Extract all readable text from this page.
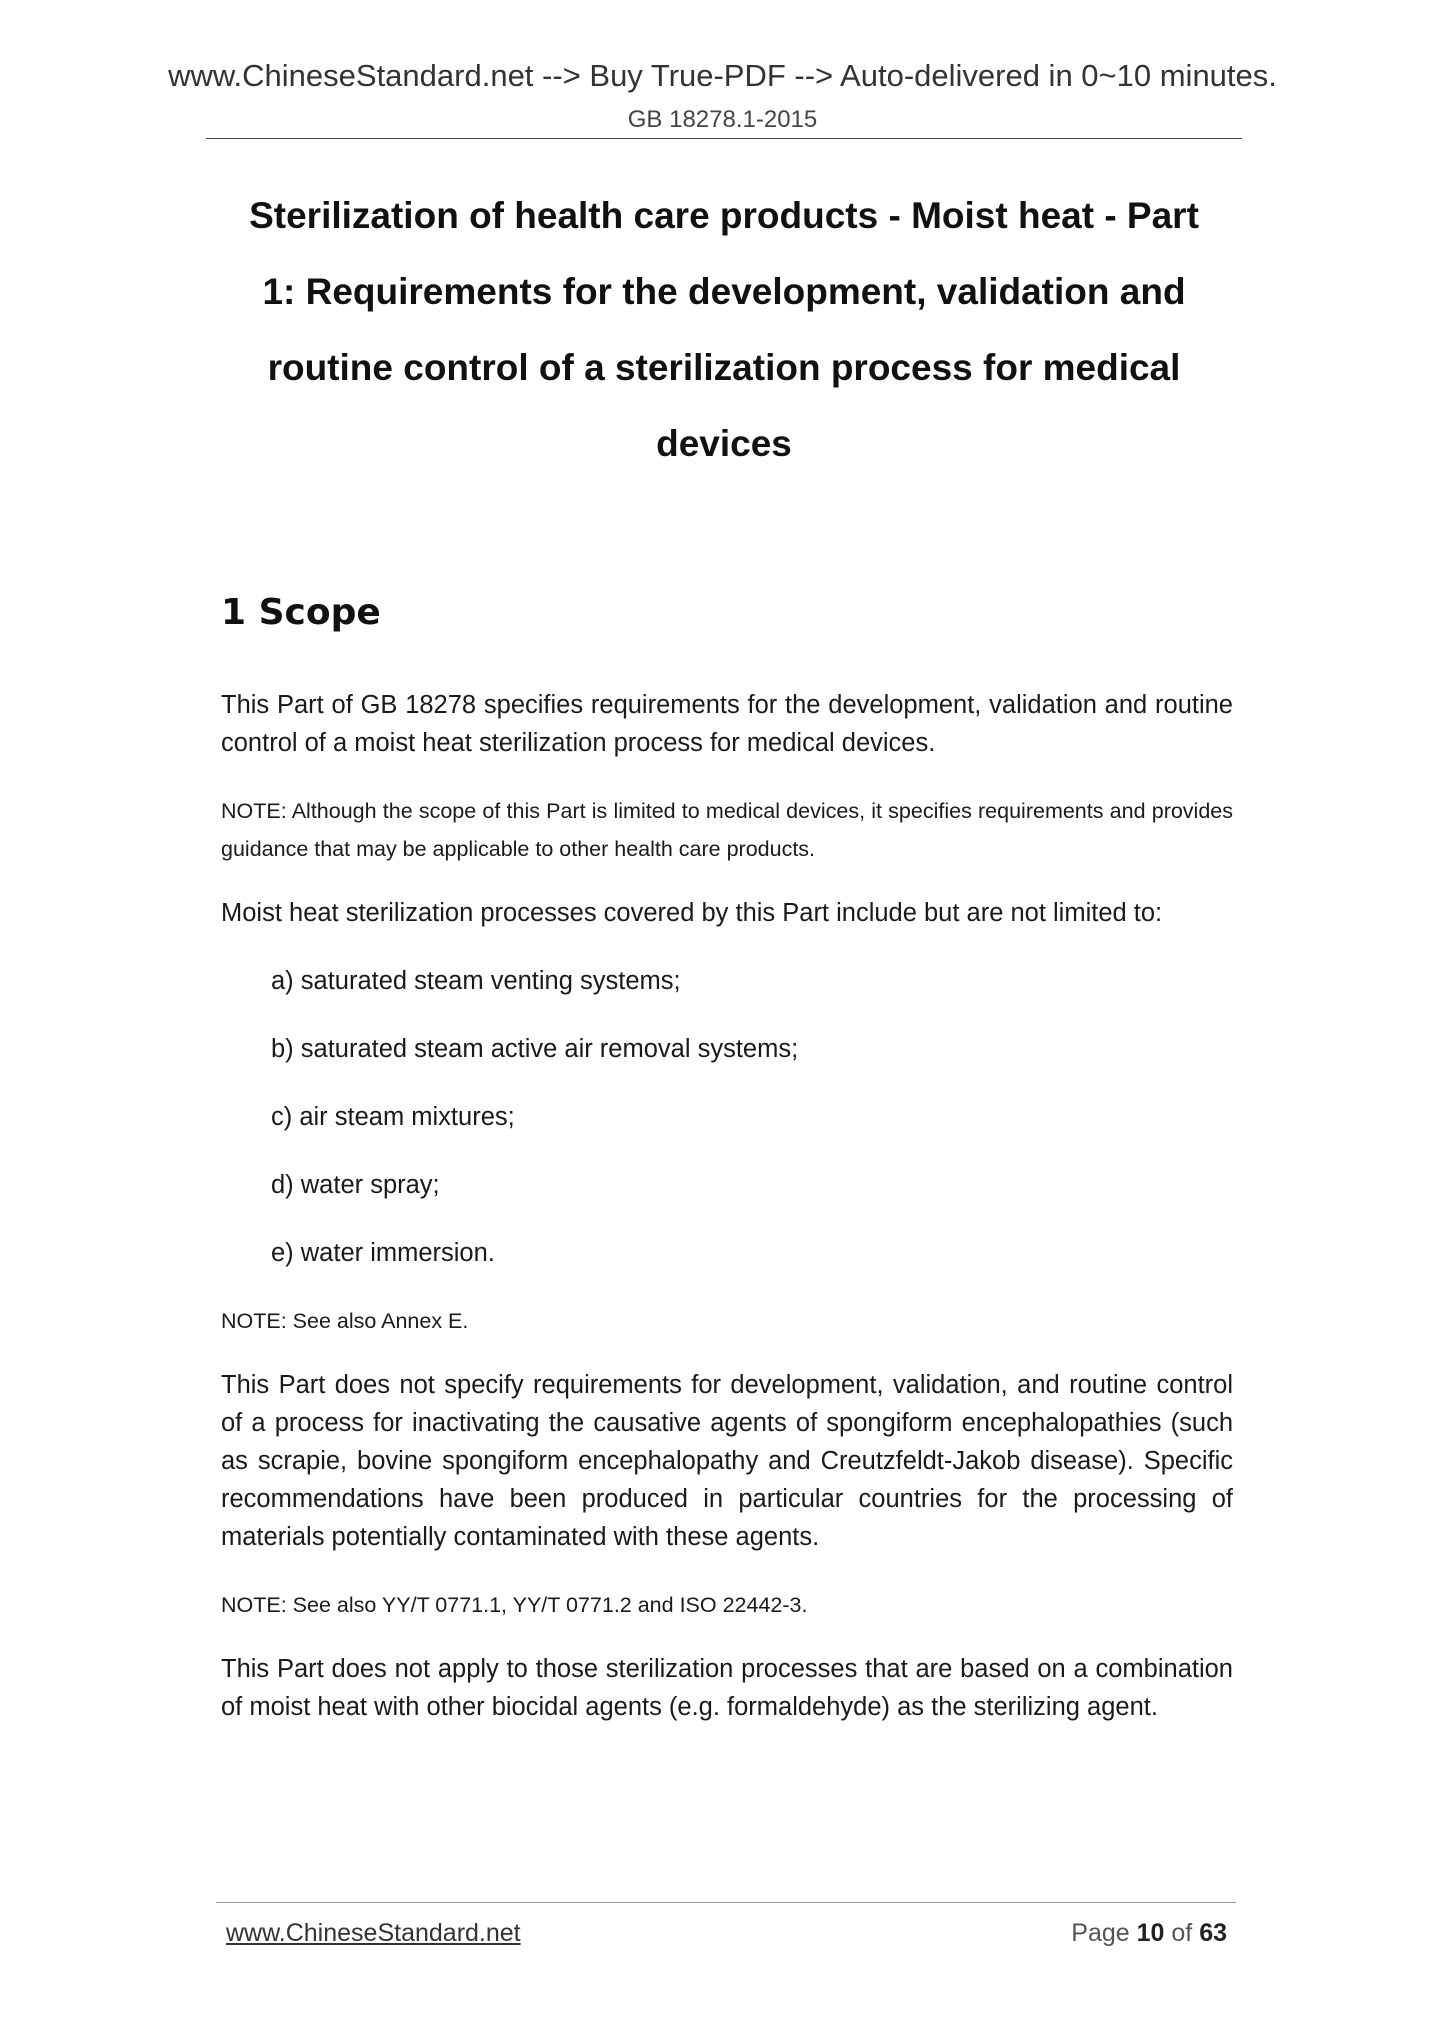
www.ChineseStandard.net --> Buy True-PDF --> Auto-delivered in 0~10 minutes.
GB 18278.1-2015
Sterilization of health care products - Moist heat - Part
1: Requirements for the development, validation and
routine control of a sterilization process for medical
devices
1 Scope

This Part of GB 18278 specifies requirements for the development, validation and routine control of a moist heat sterilization process for medical devices.

NOTE: Although the scope of this Part is limited to medical devices, it specifies requirements and provides guidance that may be applicable to other health care products.

Moist heat sterilization processes covered by this Part include but are not limited to:

a) saturated steam venting systems;
b) saturated steam active air removal systems;
c) air steam mixtures;
d) water spray;
e) water immersion.

NOTE: See also Annex E.

This Part does not specify requirements for development, validation, and routine control of a process for inactivating the causative agents of spongiform encephalopathies (such as scrapie, bovine spongiform encephalopathy and Creutzfeldt-Jakob disease). Specific recommendations have been produced in particular countries for the processing of materials potentially contaminated with these agents.

NOTE: See also YY/T 0771.1, YY/T 0771.2 and ISO 22442-3.

This Part does not apply to those sterilization processes that are based on a combination of moist heat with other biocidal agents (e.g. formaldehyde) as the sterilizing agent.

www.ChineseStandard.net	Page 10 of 63
